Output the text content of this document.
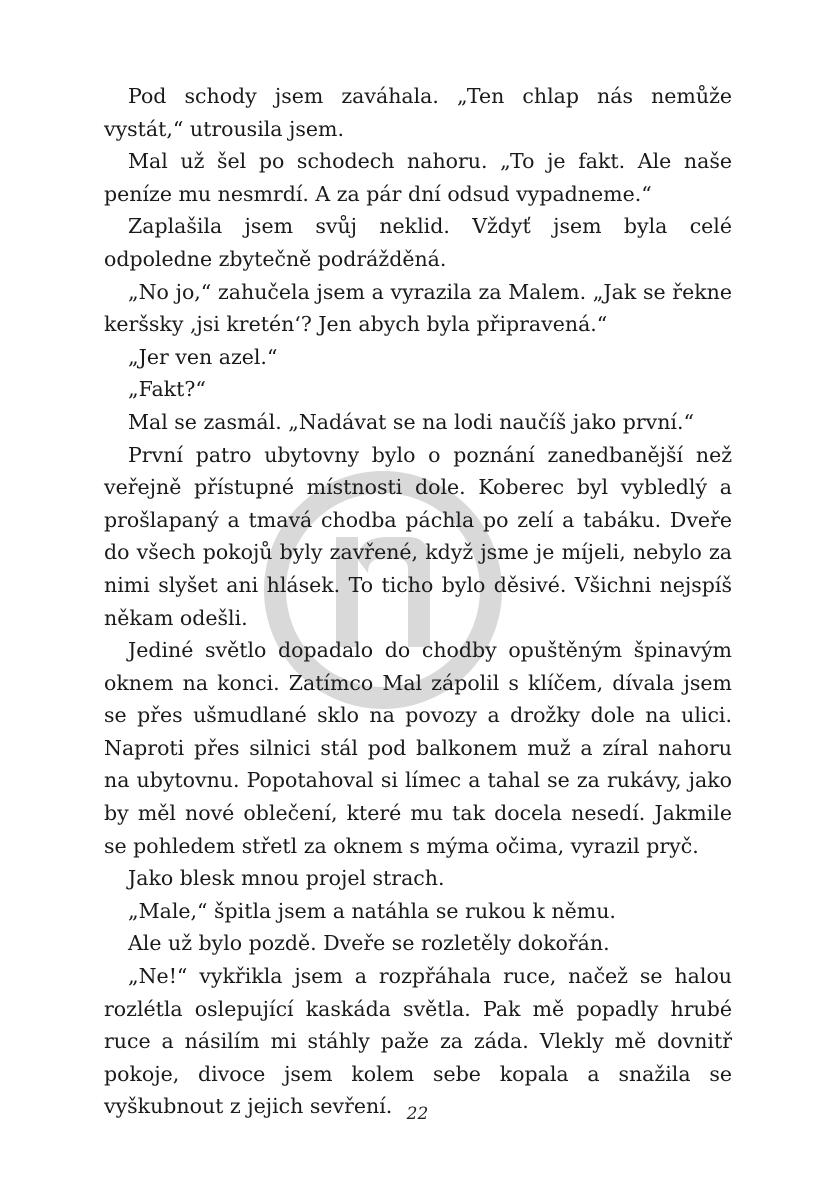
Pod schody jsem zaváhala. „Ten chlap nás nemůže vystát,“ utrousila jsem.

Mal už šel po schodech nahoru. „To je fakt. Ale naše peníze mu nesmrdí. A za pár dní odsud vypadneme.“

Zaplašila jsem svůj neklid. Vždyť jsem byla celé odpoledne zbytečně podrážděná.

„No jo,“ zahučela jsem a vyrazila za Malem. „Jak se řekne keršsky ‚jsi kretén‘? Jen abych byla připravená.“

„Jer ven azel.“

„Fakt?“

Mal se zasmál. „Nadávat se na lodi naučíš jako první.“

První patro ubytovny bylo o poznání zanedbanější než veřejně přístupné místnosti dole. Koberec byl vybledlý a prošlapaný a tmavá chodba páchla po zelí a tabáku. Dveře do všech pokojů byly zavřené, když jsme je míjeli, nebylo za nimi slyšet ani hlásek. To ticho bylo děsivé. Všichni nejspíš někam odešli.

Jediné světlo dopadalo do chodby opuštěným špinavým oknem na konci. Zatímco Mal zápolil s klíčem, dívala jsem se přes ušmudlané sklo na povozy a drožky dole na ulici. Naproti přes silnici stál pod balkonem muž a zíral nahoru na ubytovnu. Popotahoval si límec a tahal se za rukávy, jako by měl nové oblečení, které mu tak docela nesedí. Jakmile se pohledem střetl za oknem s mýma očima, vyrazil pryč.

Jako blesk mnou projel strach.

„Male,“ špitla jsem a natáhla se rukou k němu.

Ale už bylo pozdě. Dveře se rozletěly dokořán.

„Ne!“ vykřikla jsem a rozpřáhala ruce, načež se halou rozlétla oslepující kaskáda světla. Pak mě popadly hrubé ruce a násilím mi stáhly paže za záda. Vlekly mě dovnitř pokoje, divoce jsem kolem sebe kopala a snažila se vyškubnout z jejich sevření. 22
